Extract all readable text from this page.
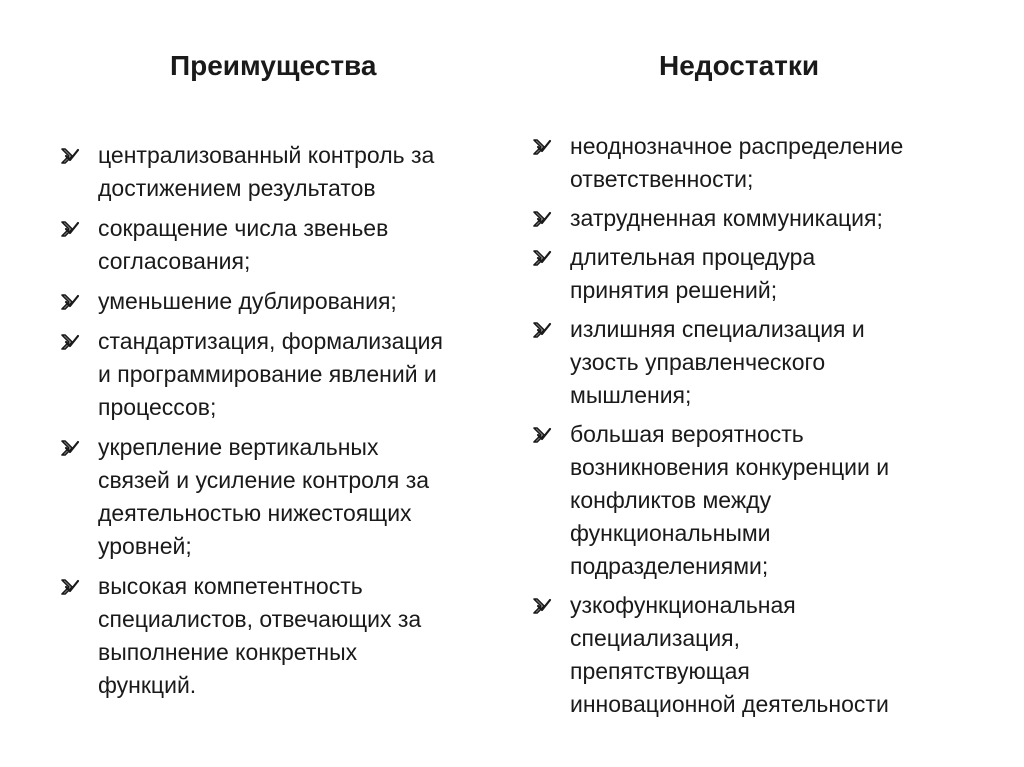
Преимущества
централизованный контроль за
достижением результатов
сокращение числа звеньев
согласования;
уменьшение дублирования;
стандартизация, формализация
и программирование явлений и
процессов;
укрепление вертикальных
связей и усиление контроля за
деятельностью нижестоящих
уровней;
высокая компетентность
специалистов, отвечающих за
выполнение конкретных
функций.
Недостатки
неоднозначное распределение
ответственности;
затрудненная коммуникация;
длительная процедура
принятия решений;
излишняя специализация и
узость управленческого
мышления;
большая вероятность
возникновения конкуренции и
конфликтов между
функциональными
подразделениями;
узкофункциональная
специализация,
препятствующая
инновационной деятельности
